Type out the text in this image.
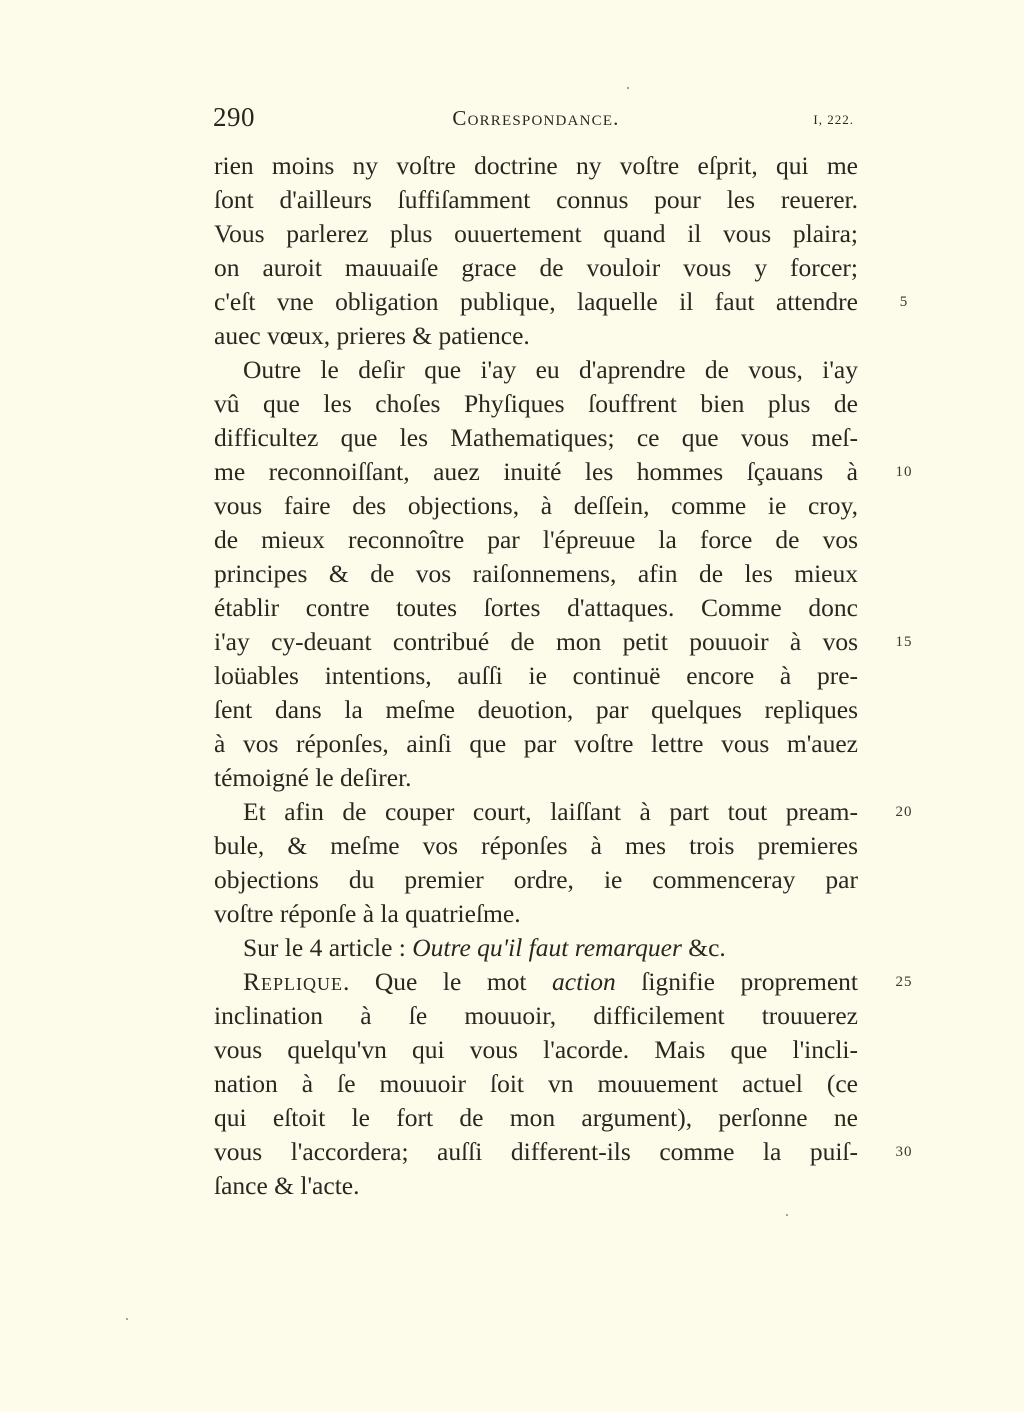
290	Correspondance.	I, 222.
rien moins ny voſtre doctrine ny voſtre eſprit, qui me
ſont d'ailleurs ſuffiſamment connus pour les reuerer.
Vous parlerez plus ouuertement quand il vous plaira;
on auroit mauuaiſe grace de vouloir vous y forcer;
c'eſt vne obligation publique, laquelle il faut attendre	5
auec vœux, prieres & patience.
Outre le deſir que i'ay eu d'aprendre de vous, i'ay
vû que les choſes Phyſiques ſouffrent bien plus de
difficultez que les Mathematiques; ce que vous meſ-
me reconnoiſſant, auez inuité les hommes ſçauans à	10
vous faire des objections, à deſſein, comme ie croy,
de mieux reconnoître par l'épreuue la force de vos
principes & de vos raiſonnemens, afin de les mieux
établir contre toutes ſortes d'attaques. Comme donc
i'ay cy-deuant contribué de mon petit pouuoir à vos	15
loüables intentions, auſſi ie continuë encore à pre-
ſent dans la meſme deuotion, par quelques repliques
à vos réponſes, ainſi que par voſtre lettre vous m'auez
témoigné le deſirer.
Et afin de couper court, laiſſant à part tout pream-	20
bule, & meſme vos réponſes à mes trois premieres
objections du premier ordre, ie commenceray par
voſtre réponſe à la quatrieſme.
Sur le 4 article : Outre qu'il faut remarquer &c.
Replique. Que le mot action ſignifie proprement	25
inclination à ſe mouuoir, difficilement trouuerez
vous quelqu'vn qui vous l'acorde. Mais que l'incli-
nation à ſe mouuoir ſoit vn mouuement actuel (ce
qui eſtoit le fort de mon argument), perſonne ne
vous l'accordera; auſſi different-ils comme la puiſ-	30
ſance & l'acte.
